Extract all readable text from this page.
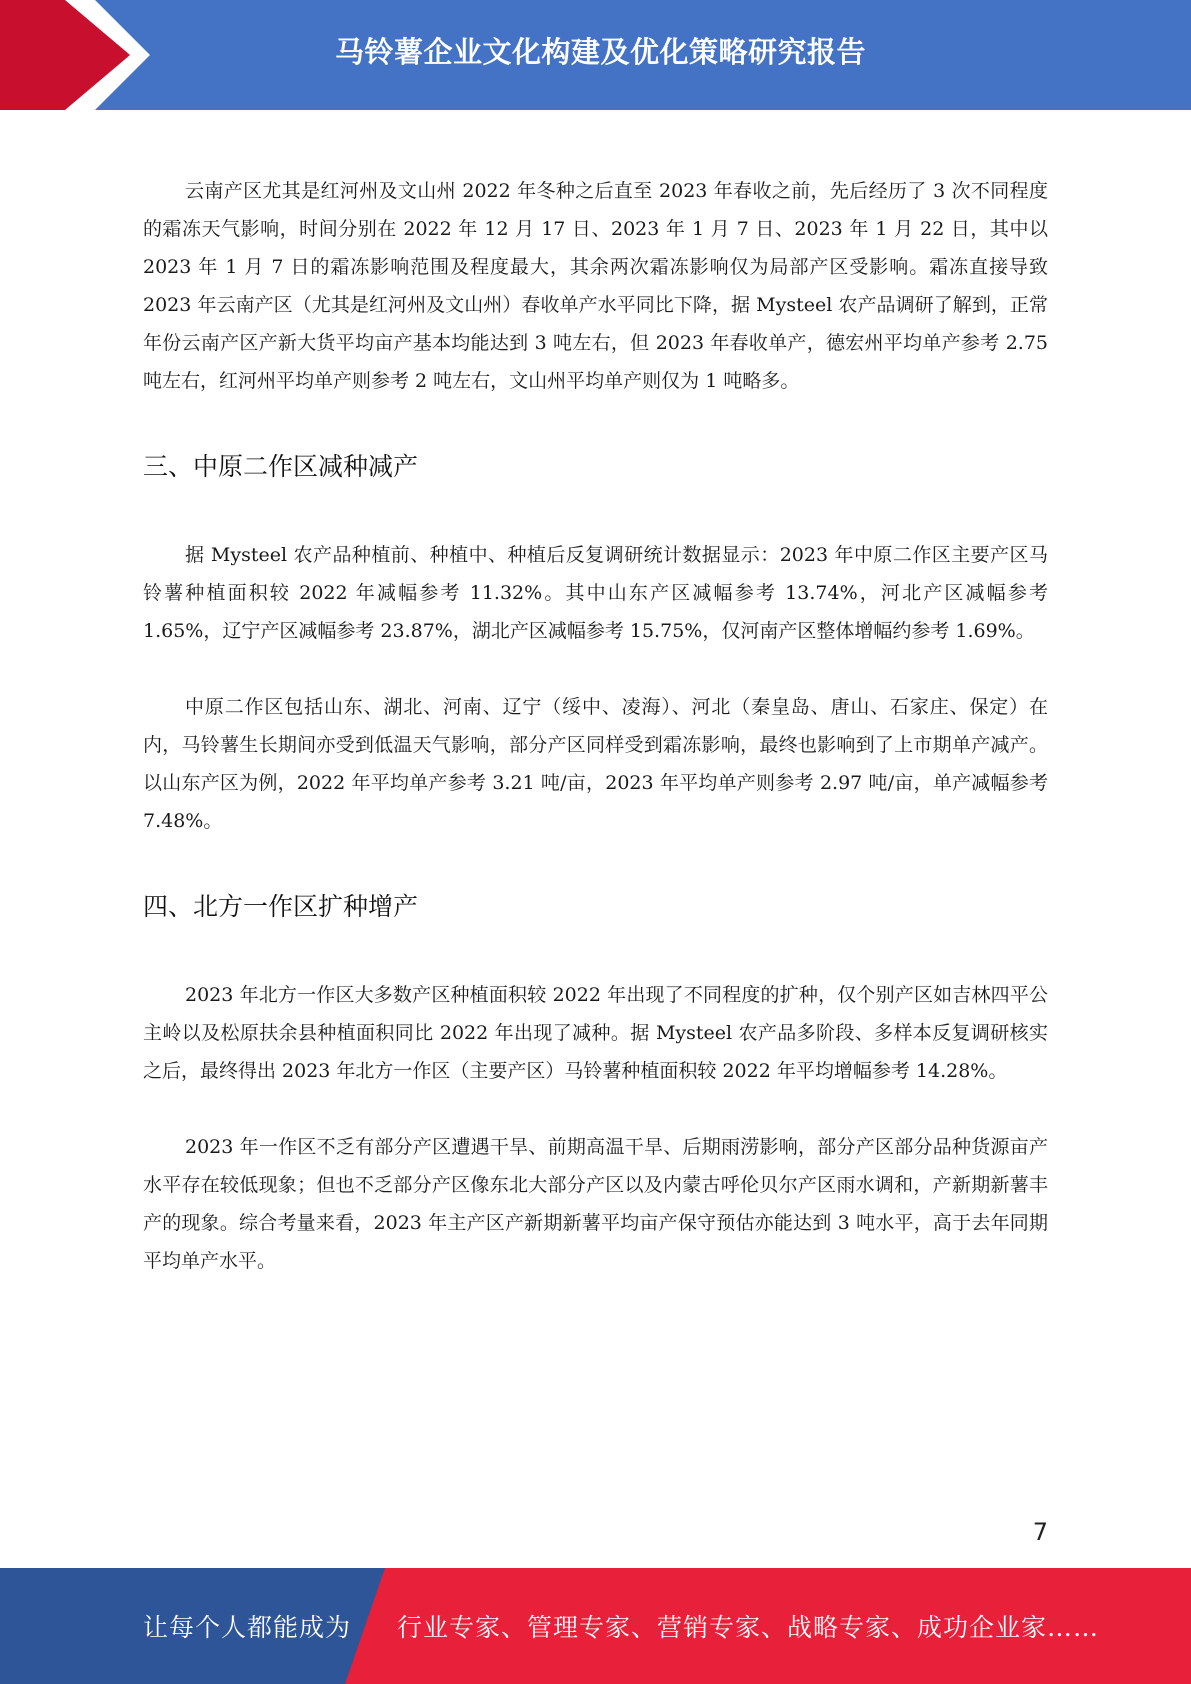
马铃薯企业文化构建及优化策略研究报告

云南产区尤其是红河州及文山州 2022 年冬种之后直至 2023 年春收之前，先后经历了 3 次不同程度的霜冻天气影响，时间分别在 2022 年 12 月 17 日、2023 年 1 月 7 日、2023 年 1 月 22 日，其中以 2023 年 1 月 7 日的霜冻影响范围及程度最大，其余两次霜冻影响仅为局部产区受影响。霜冻直接导致 2023 年云南产区（尤其是红河州及文山州）春收单产水平同比下降，据 Mysteel 农产品调研了解到，正常年份云南产区产新大货平均亩产基本均能达到 3 吨左右，但 2023 年春收单产，德宏州平均单产参考 2.75 吨左右，红河州平均单产则参考 2 吨左右，文山州平均单产则仅为 1 吨略多。

三、中原二作区减种减产

据 Mysteel 农产品种植前、种植中、种植后反复调研统计数据显示：2023 年中原二作区主要产区马铃薯种植面积较 2022 年减幅参考 11.32%。其中山东产区减幅参考 13.74%，河北产区减幅参考 1.65%，辽宁产区减幅参考 23.87%，湖北产区减幅参考 15.75%，仅河南产区整体增幅约参考 1.69%。

中原二作区包括山东、湖北、河南、辽宁（绥中、凌海）、河北（秦皇岛、唐山、石家庄、保定）在内，马铃薯生长期间亦受到低温天气影响，部分产区同样受到霜冻影响，最终也影响到了上市期单产减产。以山东产区为例，2022 年平均单产参考 3.21 吨/亩，2023 年平均单产则参考 2.97 吨/亩，单产减幅参考 7.48%。

四、北方一作区扩种增产

2023 年北方一作区大多数产区种植面积较 2022 年出现了不同程度的扩种，仅个别产区如吉林四平公主岭以及松原扶余县种植面积同比 2022 年出现了减种。据 Mysteel 农产品多阶段、多样本反复调研核实之后，最终得出 2023 年北方一作区（主要产区）马铃薯种植面积较 2022 年平均增幅参考 14.28%。

2023 年一作区不乏有部分产区遭遇干旱、前期高温干旱、后期雨涝影响，部分产区部分品种货源亩产水平存在较低现象；但也不乏部分产区像东北大部分产区以及内蒙古呼伦贝尔产区雨水调和，产新期新薯丰产的现象。综合考量来看，2023 年主产区产新期新薯平均亩产保守预估亦能达到 3 吨水平，高于去年同期平均单产水平。

7
让每个人都能成为 行业专家、管理专家、营销专家、战略专家、成功企业家……
